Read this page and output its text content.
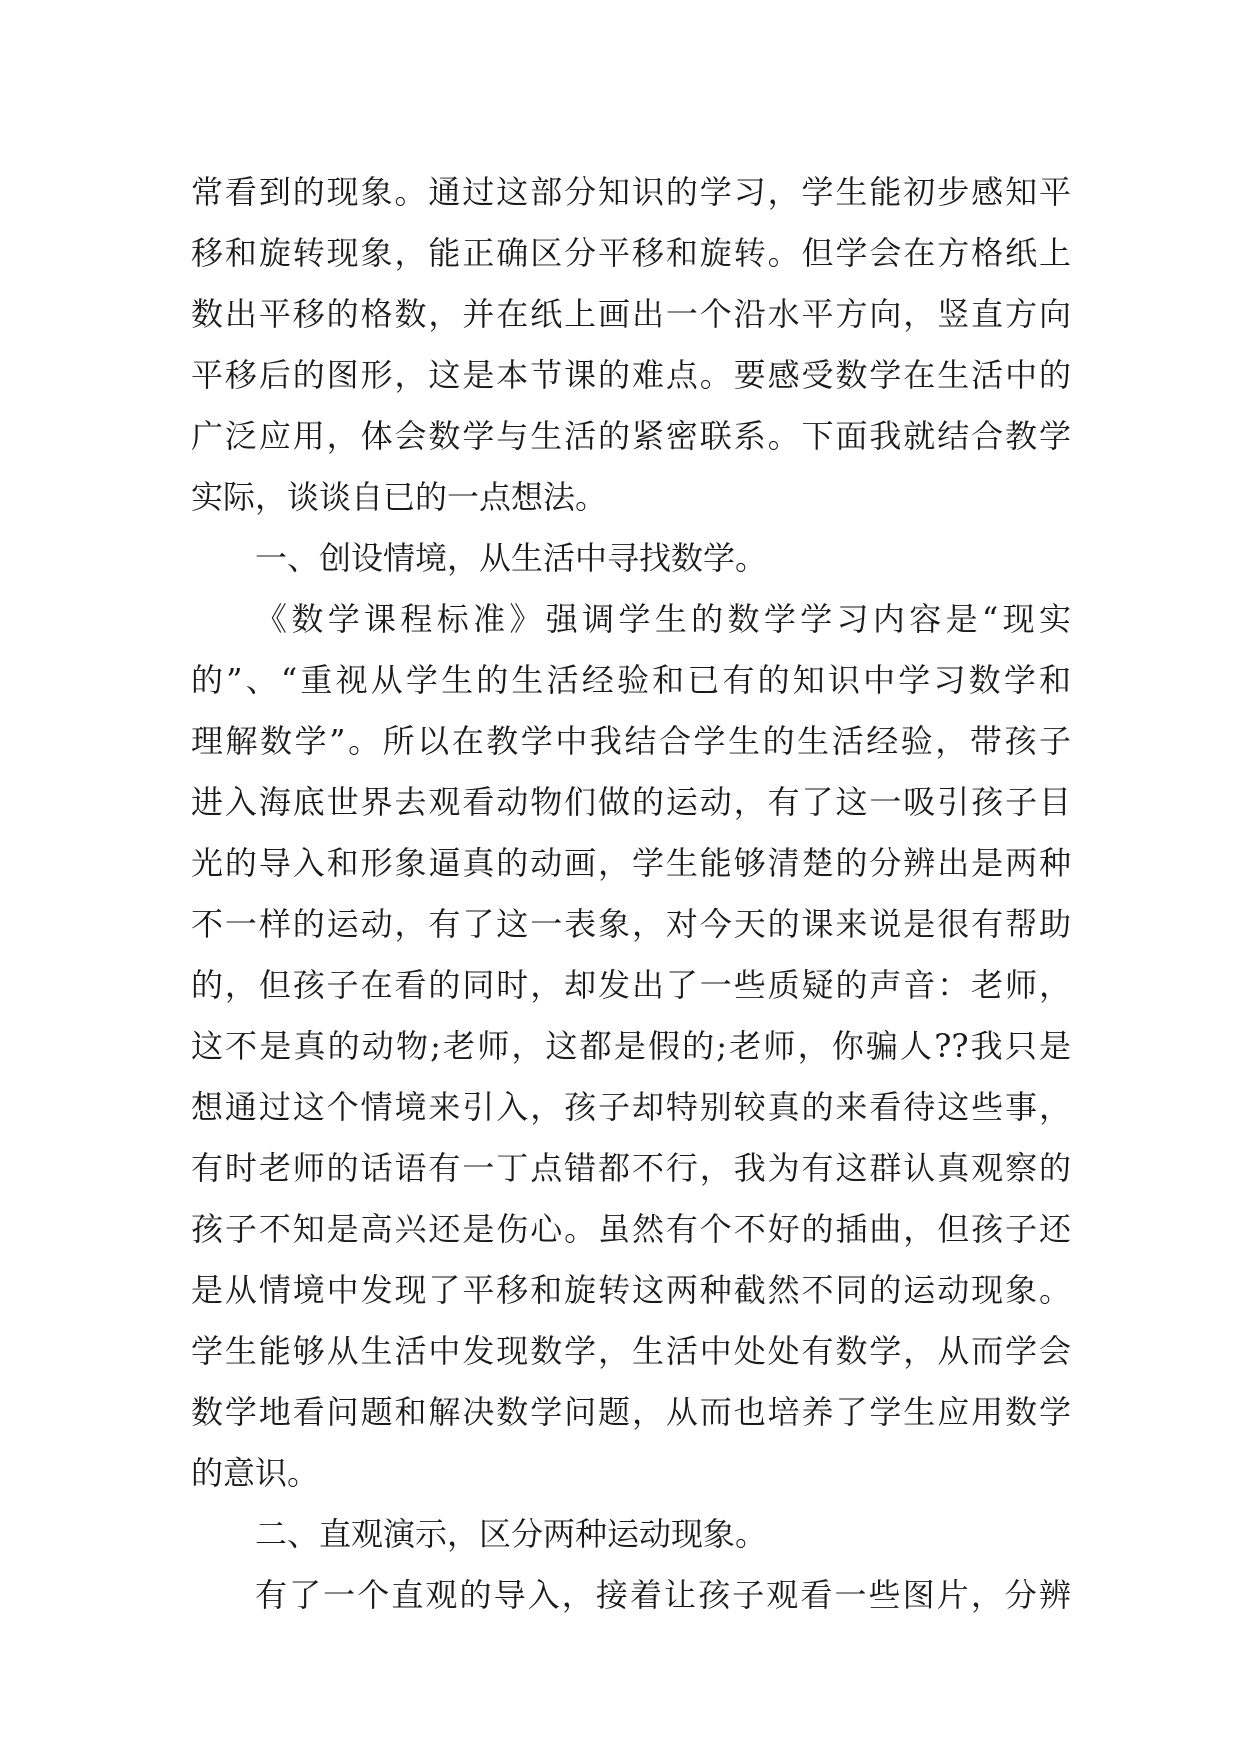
常看到的现象。通过这部分知识的学习，学生能初步感知平
移和旋转现象，能正确区分平移和旋转。但学会在方格纸上
数出平移的格数，并在纸上画出一个沿水平方向，竖直方向
平移后的图形，这是本节课的难点。要感受数学在生活中的
广泛应用，体会数学与生活的紧密联系。下面我就结合教学
实际，谈谈自已的一点想法。
一、创设情境，从生活中寻找数学。
《数学课程标准》强调学生的数学学习内容是“现实
的”、“重视从学生的生活经验和已有的知识中学习数学和
理解数学”。所以在教学中我结合学生的生活经验，带孩子
进入海底世界去观看动物们做的运动，有了这一吸引孩子目
光的导入和形象逼真的动画，学生能够清楚的分辨出是两种
不一样的运动，有了这一表象，对今天的课来说是很有帮助
的，但孩子在看的同时，却发出了一些质疑的声音：老师，
这不是真的动物;老师，这都是假的;老师，你骗人??我只是
想通过这个情境来引入，孩子却特别较真的来看待这些事，
有时老师的话语有一丁点错都不行，我为有这群认真观察的
孩子不知是高兴还是伤心。虽然有个不好的插曲，但孩子还
是从情境中发现了平移和旋转这两种截然不同的运动现象。
学生能够从生活中发现数学，生活中处处有数学，从而学会
数学地看问题和解决数学问题，从而也培养了学生应用数学
的意识。
二、直观演示，区分两种运动现象。
有了一个直观的导入，接着让孩子观看一些图片，分辨
